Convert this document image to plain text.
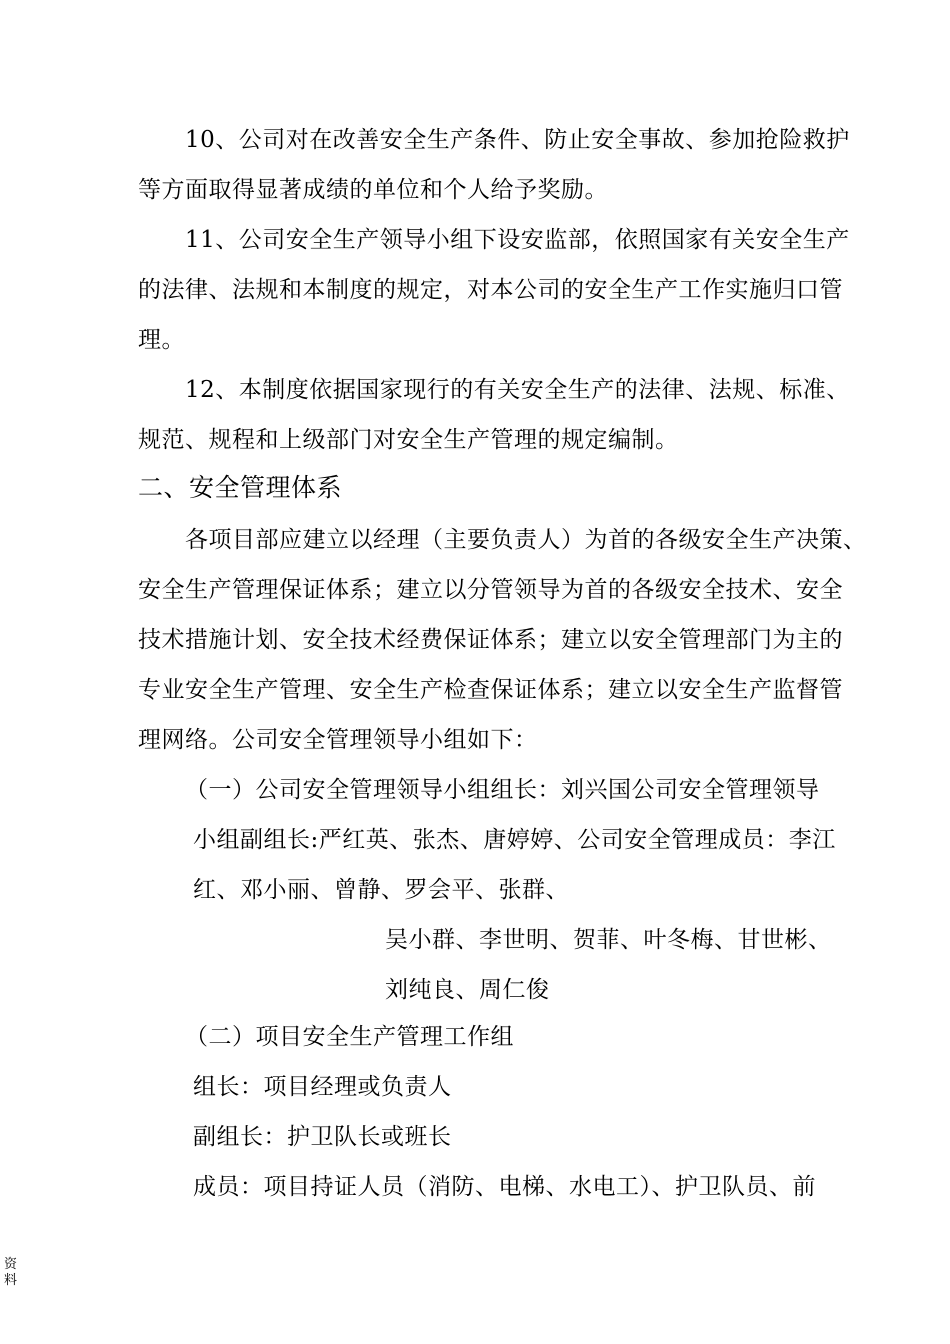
10、公司对在改善安全生产条件、防止安全事故、参加抢险救护
等方面取得显著成绩的单位和个人给予奖励。
11、公司安全生产领导小组下设安监部，依照国家有关安全生产
的法律、法规和本制度的规定，对本公司的安全生产工作实施归口管
理。
12、本制度依据国家现行的有关安全生产的法律、法规、标准、
规范、规程和上级部门对安全生产管理的规定编制。
二、安全管理体系
各项目部应建立以经理（主要负责人）为首的各级安全生产决策、
安全生产管理保证体系；建立以分管领导为首的各级安全技术、安全
技术措施计划、安全技术经费保证体系；建立以安全管理部门为主的
专业安全生产管理、安全生产检查保证体系；建立以安全生产监督管
理网络。公司安全管理领导小组如下：
（一）公司安全管理领导小组组长：刘兴国公司安全管理领导
小组副组长:严红英、张杰、唐婷婷、公司安全管理成员：李江
红、邓小丽、曾静、罗会平、张群、
吴小群、李世明、贺菲、叶冬梅、甘世彬、
刘纯良、周仁俊
（二）项目安全生产管理工作组
组长：项目经理或负责人
副组长：护卫队长或班长
成员：项目持证人员（消防、电梯、水电工）、护卫队员、前
资
料
